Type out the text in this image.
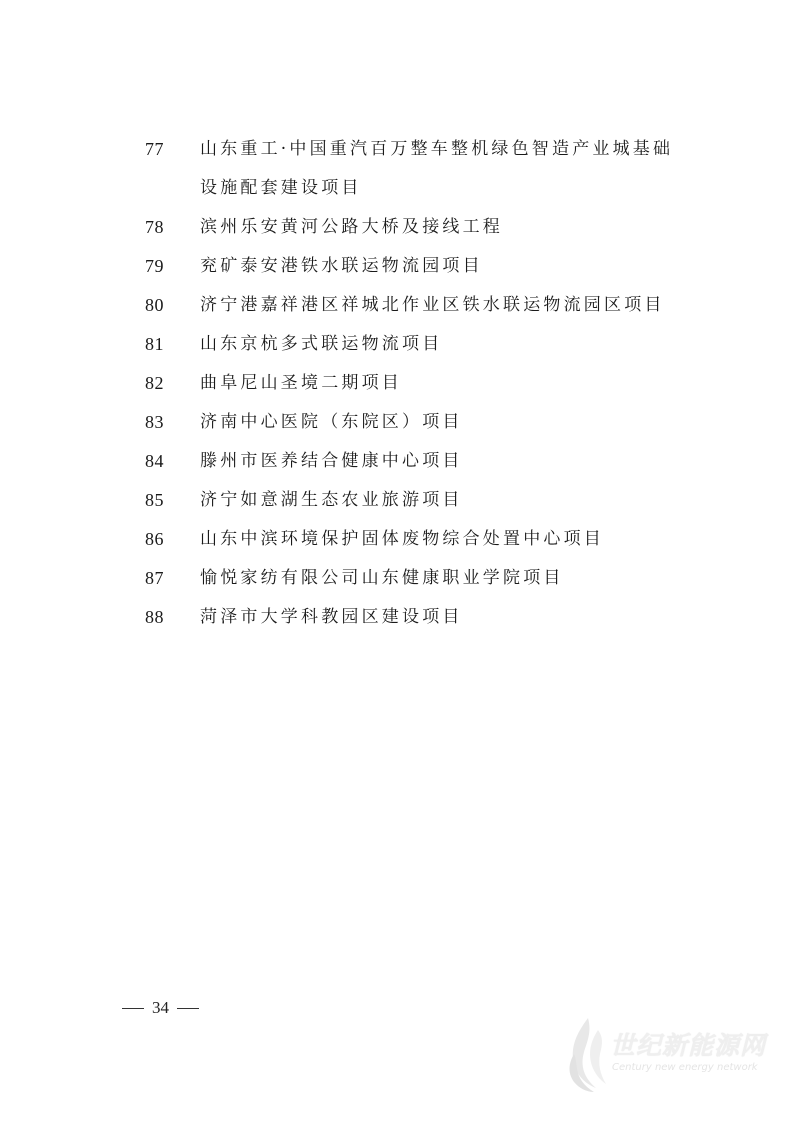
77	山东重工·中国重汽百万整车整机绿色智造产业城基础设施配套建设项目
78	滨州乐安黄河公路大桥及接线工程
79	兖矿泰安港铁水联运物流园项目
80	济宁港嘉祥港区祥城北作业区铁水联运物流园区项目
81	山东京杭多式联运物流项目
82	曲阜尼山圣境二期项目
83	济南中心医院（东院区）项目
84	滕州市医养结合健康中心项目
85	济宁如意湖生态农业旅游项目
86	山东中滨环境保护固体废物综合处置中心项目
87	愉悦家纺有限公司山东健康职业学院项目
88	菏泽市大学科教园区建设项目
34
世纪新能源网
Century new energy network
